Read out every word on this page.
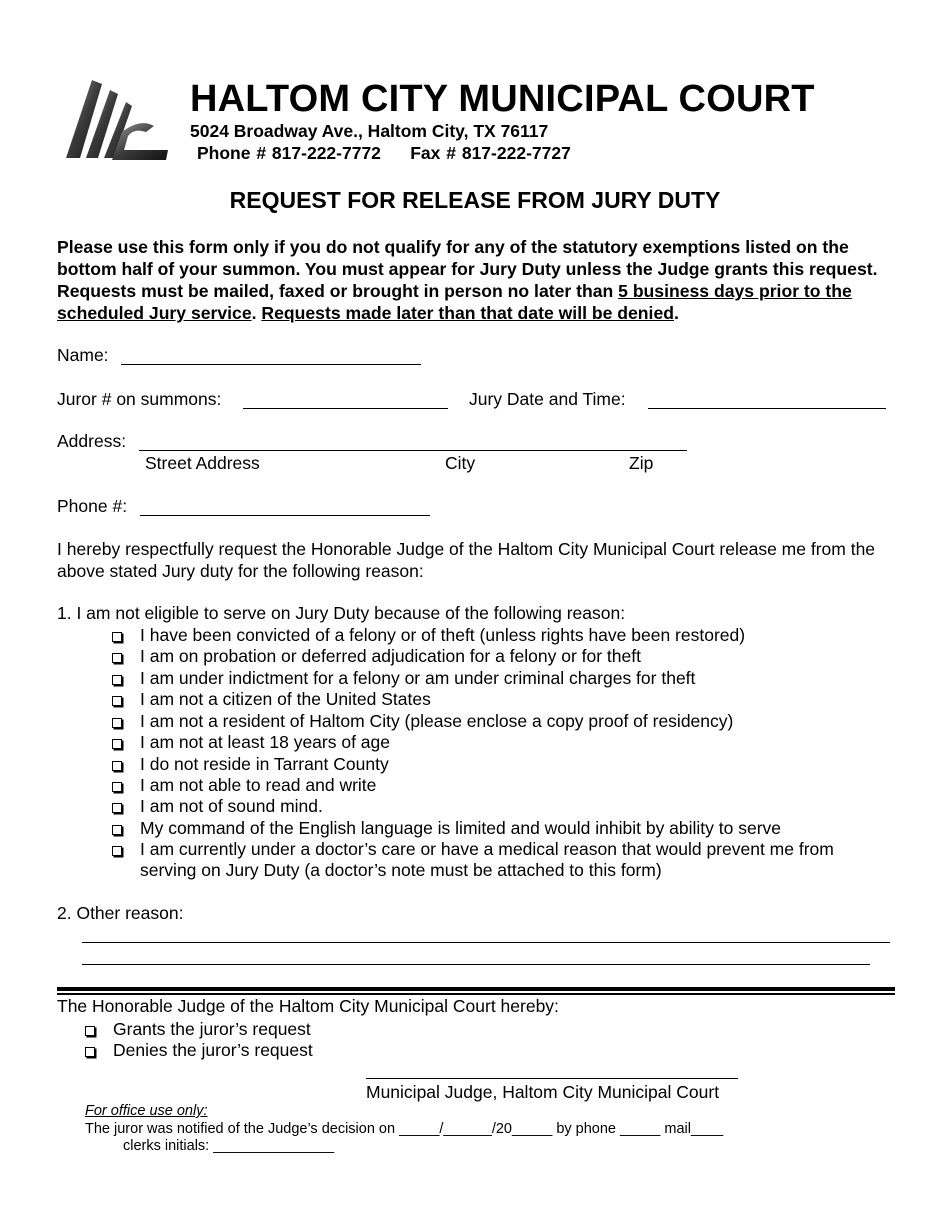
HALTOM CITY MUNICIPAL COURT
5024 Broadway Ave., Haltom City, TX 76117
Phone # 817-222-7772 Fax # 817-222-7727
REQUEST FOR RELEASE FROM JURY DUTY
Please use this form only if you do not qualify for any of the statutory exemptions listed on the bottom half of your summon. You must appear for Jury Duty unless the Judge grants this request. Requests must be mailed, faxed or brought in person no later than 5 business days prior to the scheduled Jury service. Requests made later than that date will be denied.
Name:
Juror # on summons:	Jury Date and Time:
Address:
Street Address	City	Zip
Phone #:
I hereby respectfully request the Honorable Judge of the Haltom City Municipal Court release me from the above stated Jury duty for the following reason:
1. I am not eligible to serve on Jury Duty because of the following reason:
I have been convicted of a felony or of theft (unless rights have been restored)
I am on probation or deferred adjudication for a felony or for theft
I am under indictment for a felony or am under criminal charges for theft
I am not a citizen of the United States
I am not a resident of Haltom City (please enclose a copy proof of residency)
I am not at least 18 years of age
I do not reside in Tarrant County
I am not able to read and write
I am not of sound mind.
My command of the English language is limited and would inhibit by ability to serve
I am currently under a doctor’s care or have a medical reason that would prevent me from
serving on Jury Duty (a doctor’s note must be attached to this form)
2. Other reason:
The Honorable Judge of the Haltom City Municipal Court hereby:
Grants the juror’s request
Denies the juror’s request
Municipal Judge, Haltom City Municipal Court
For office use only:
The juror was notified of the Judge’s decision on _____/______/20_____ by phone _____ mail____
clerks initials: _______________
